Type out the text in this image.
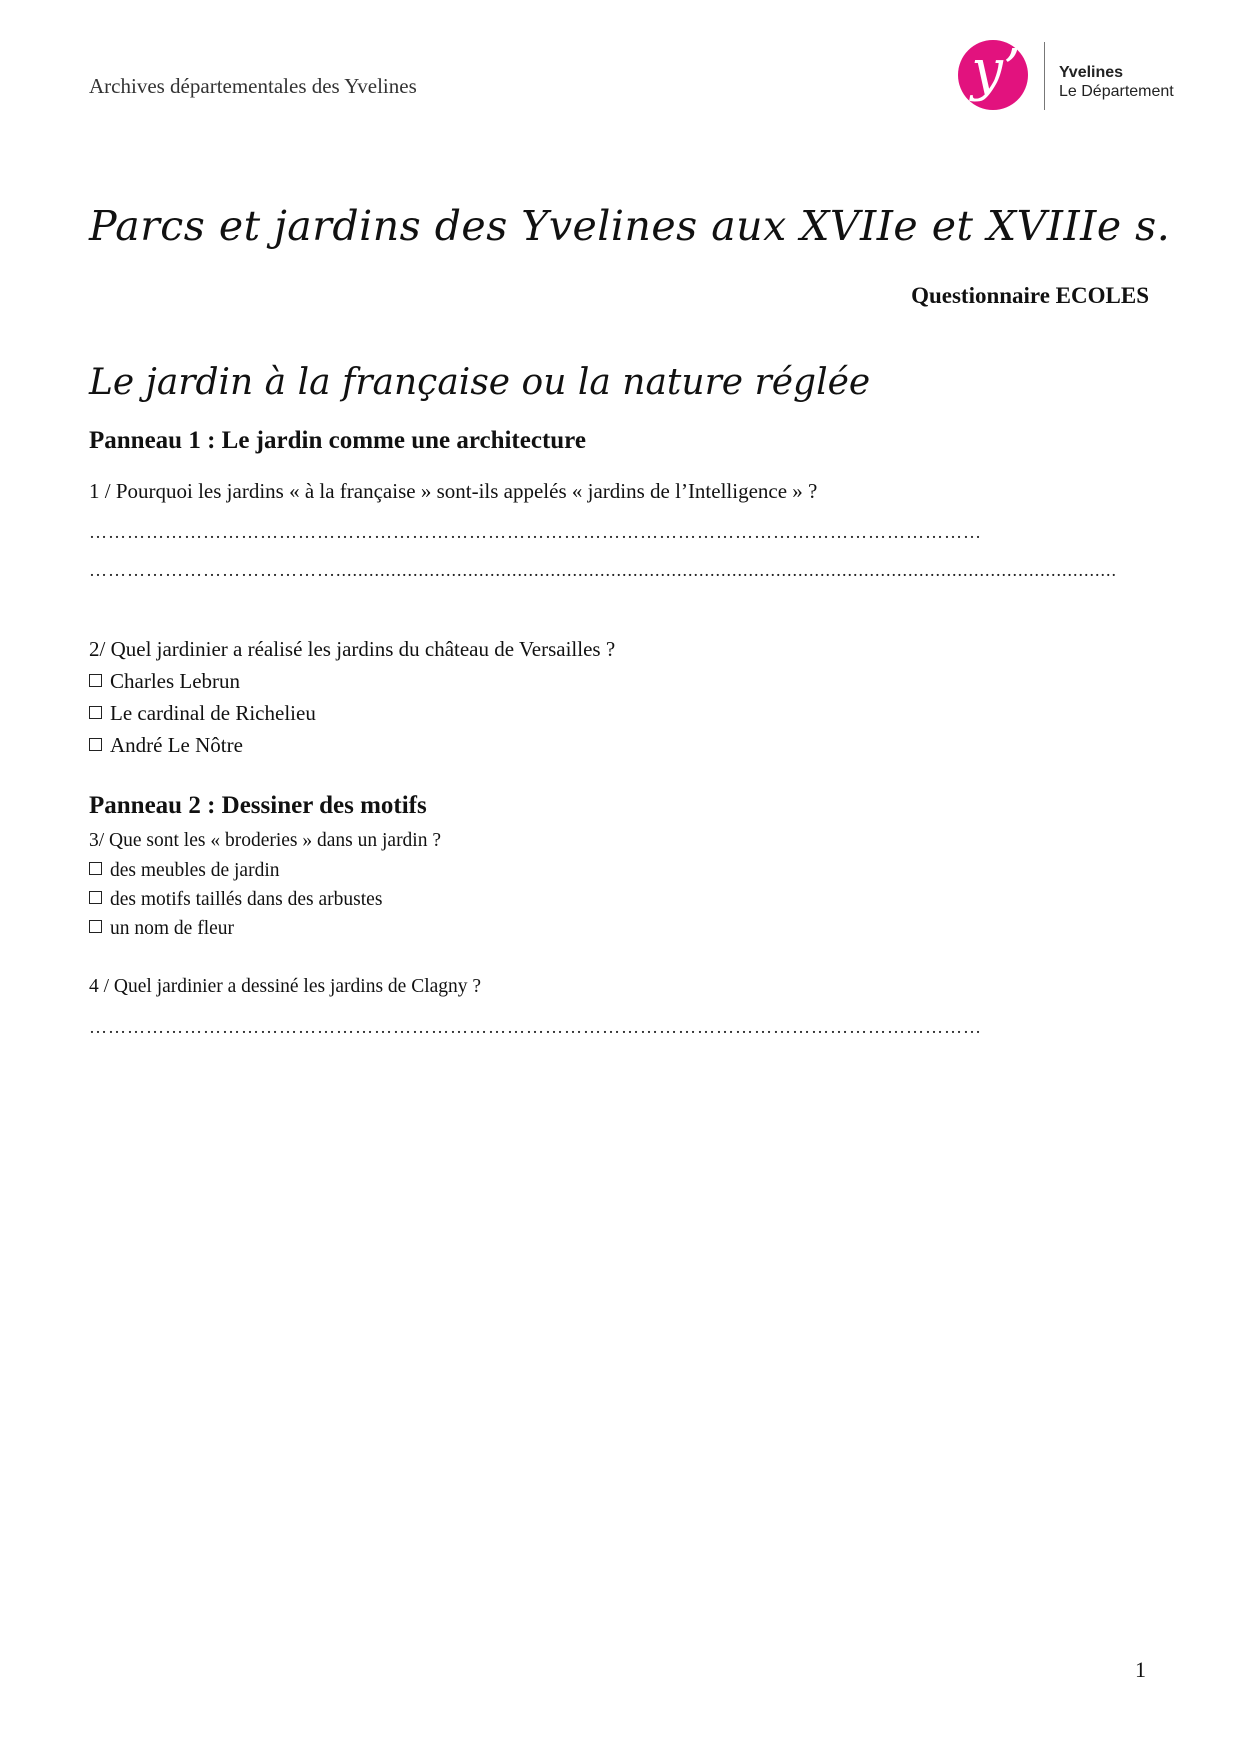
Archives départementales des Yvelines	y’ Yvelines
Le Département
Parcs et jardins des Yvelines aux XVIIe et XVIIIe s.
Questionnaire ECOLES
Le jardin à la française ou la nature réglée
Panneau 1 : Le jardin comme une architecture
1 / Pourquoi les jardins « à la française » sont-ils appelés « jardins de l’Intelligence » ?
……………………………………………………………………………………………………………………………
…………………………………..............................................................................................................................................
2/ Quel jardinier a réalisé les jardins du château de Versailles ?
Charles Lebrun
Le cardinal de Richelieu
André Le Nôtre
Panneau 2 : Dessiner des motifs
3/ Que sont les « broderies » dans un jardin ?
des meubles de jardin
des motifs taillés dans des arbustes
un nom de fleur
4 / Quel jardinier a dessiné les jardins de Clagny ?
……………………………………………………………………………………………………………………………
1
